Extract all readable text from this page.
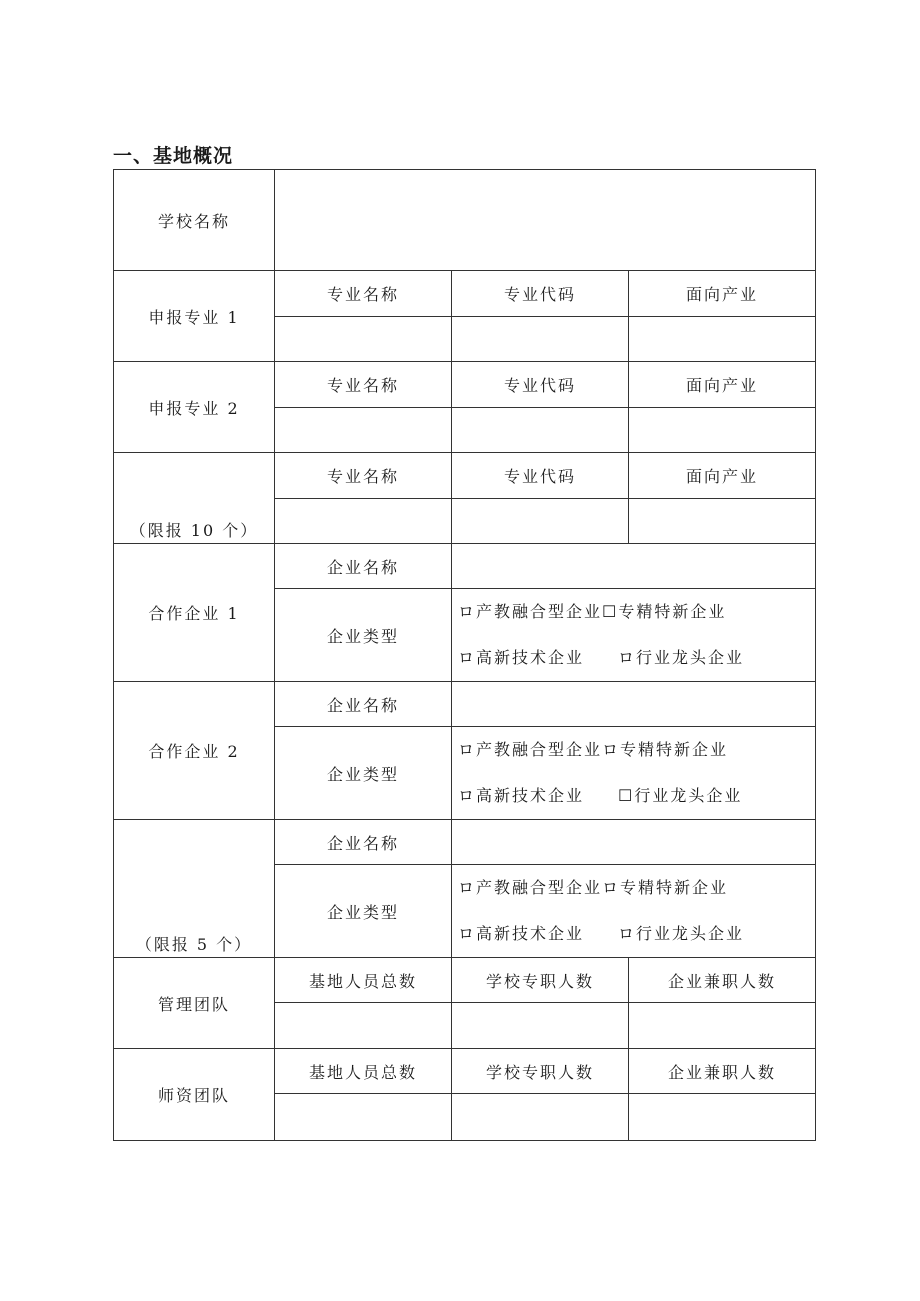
一、基地概况
学校名称			
申报专业 1	专业名称	专业代码	面向产业

申报专业 2	专业名称	专业代码	面向产业

（限报 10 个）	专业名称	专业代码	面向产业

合作企业 1	企业名称		
	企业类型	ロ产教融合型企业☐专精特新企业
ロ高新技术企业 ロ行业龙头企业	

合作企业 2	企业名称		
	企业类型	ロ产教融合型企业ロ专精特新企业
ロ高新技术企业 ☐行业龙头企业	

（限报 5 个）	企业名称		
	企业类型	ロ产教融合型企业ロ专精特新企业
ロ高新技术企业 ロ行业龙头企业	

管理团队	基地人员总数	学校专职人数	企业兼职人数

师资团队	基地人员总数	学校专职人数	企业兼职人数
